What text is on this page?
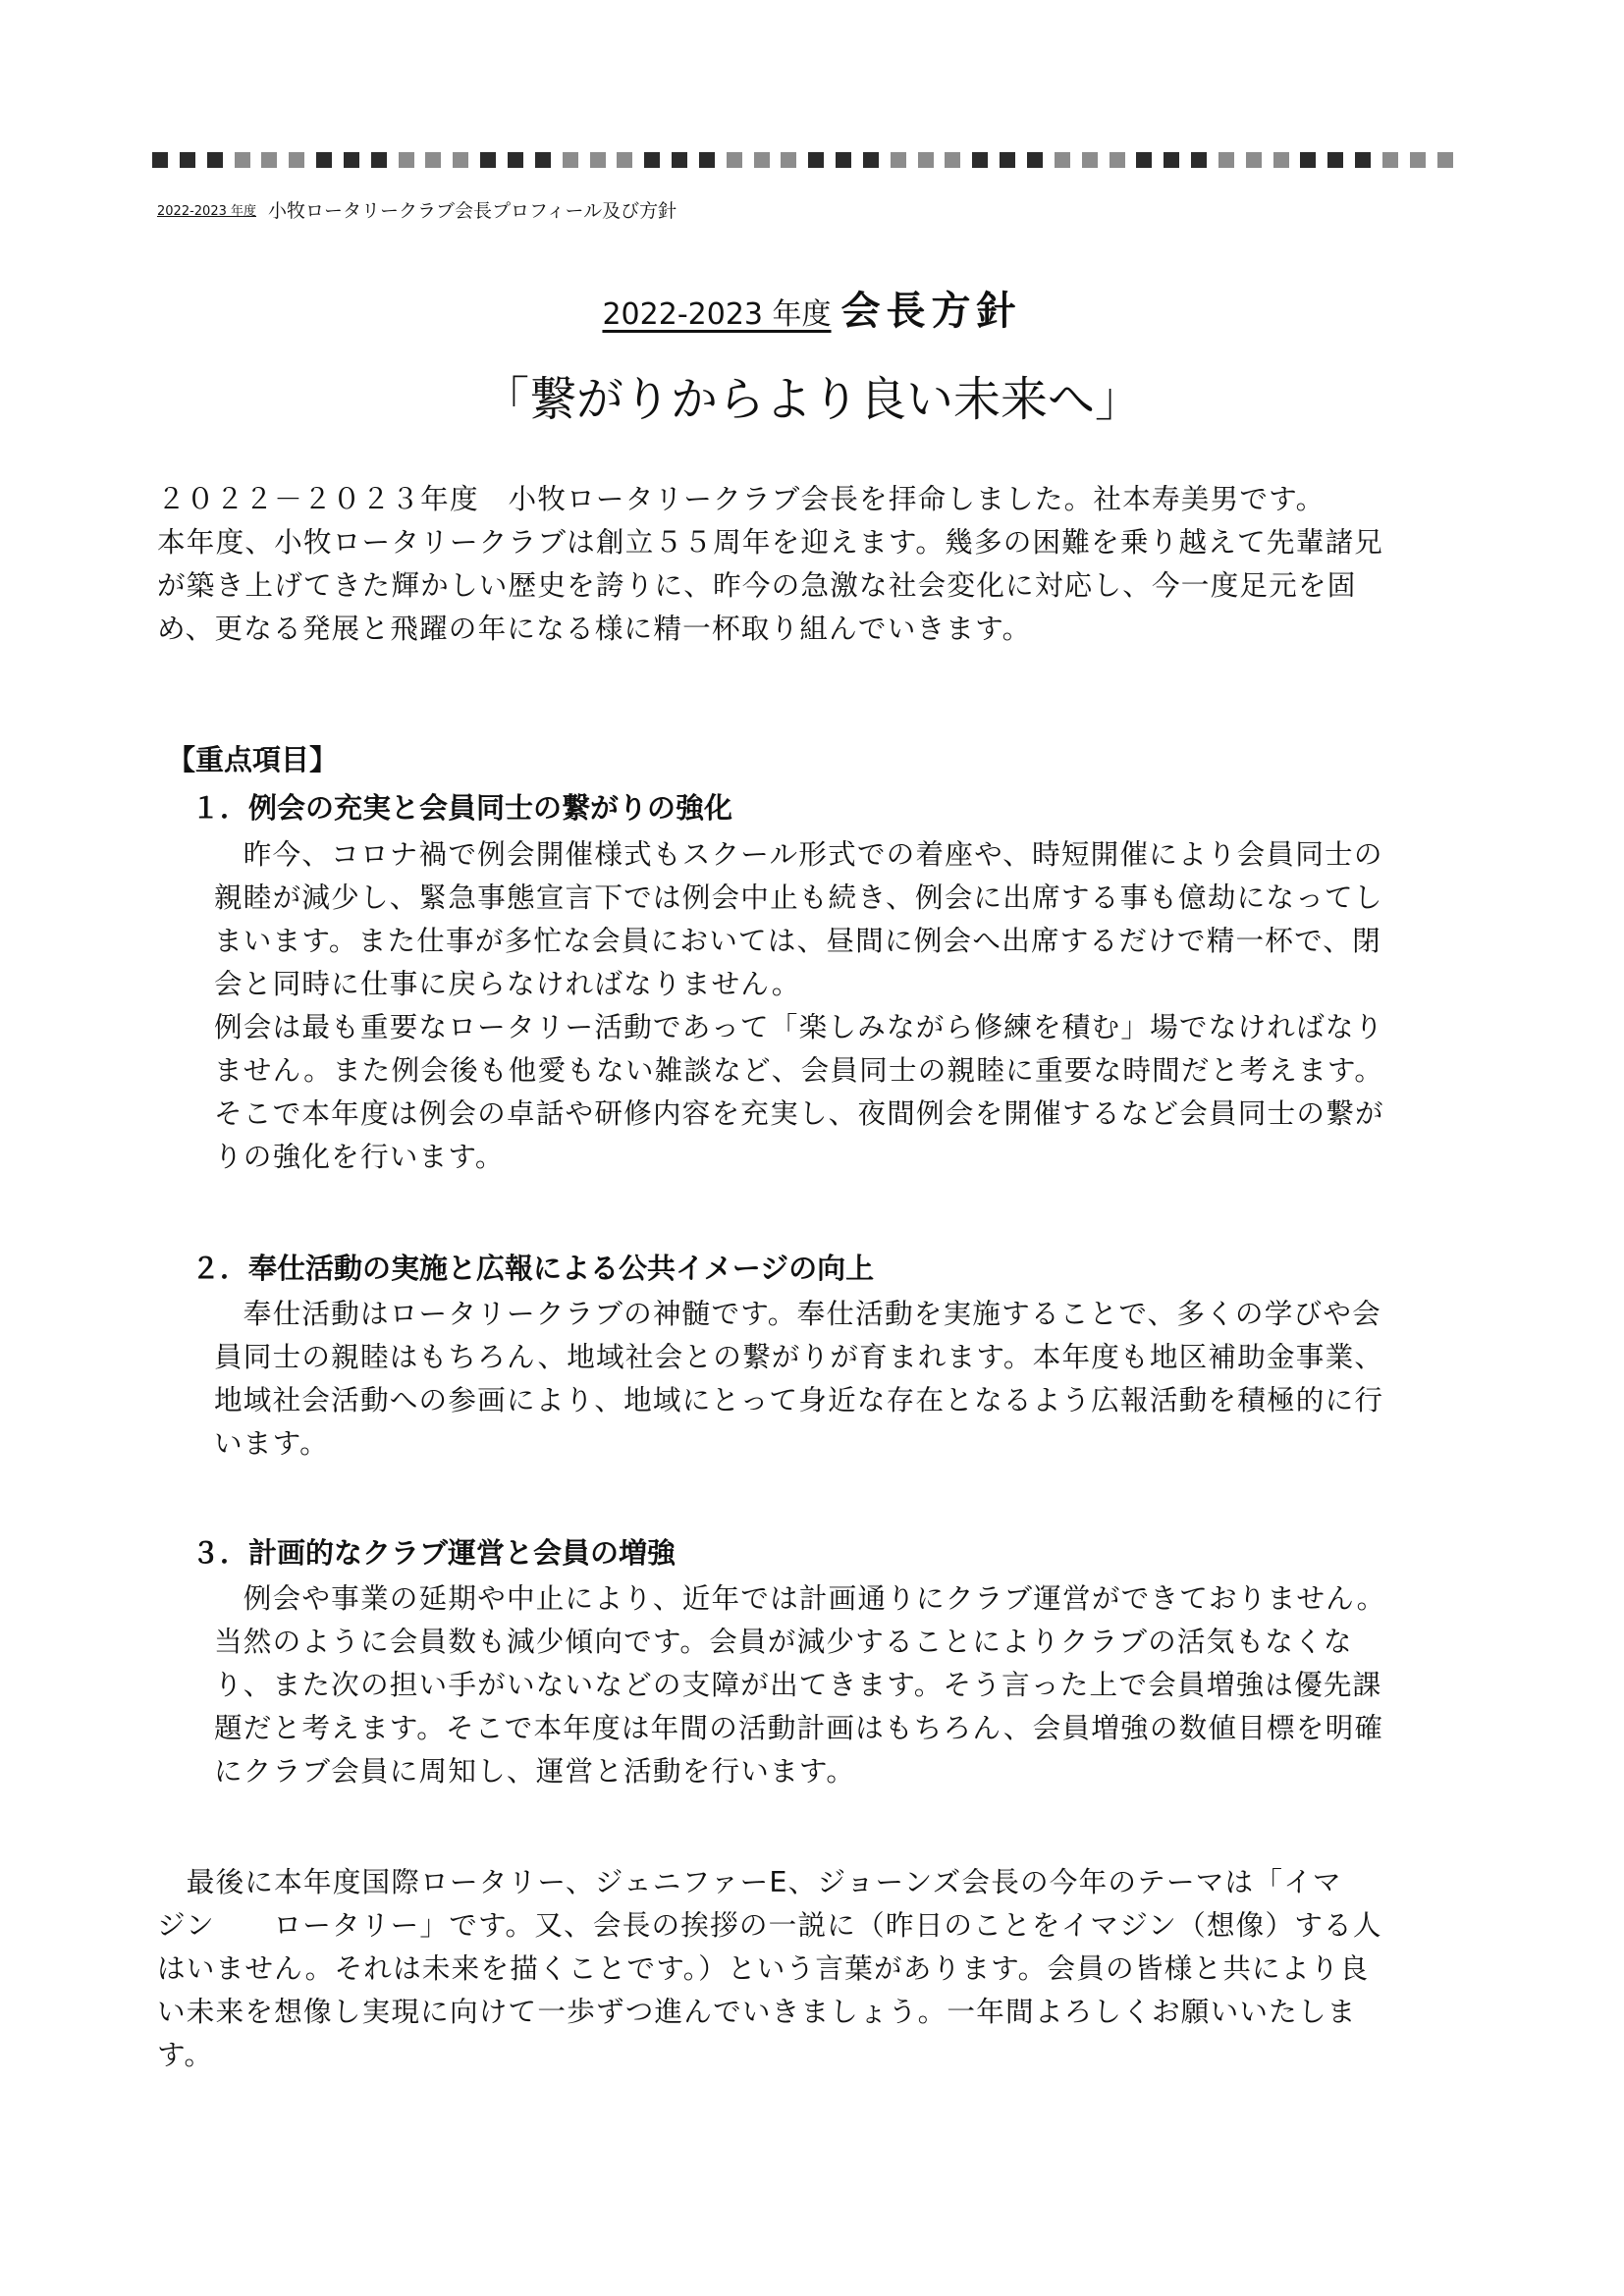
2022-2023 年度 小牧ロータリークラブ会長プロフィール及び方針
2022-2023 年度 会長方針
「繋がりからより良い未来へ」
２０２２－２０２３年度　小牧ロータリークラブ会長を拝命しました。社本寿美男です。
本年度、小牧ロータリークラブは創立５５周年を迎えます。幾多の困難を乗り越えて先輩諸兄
が築き上げてきた輝かしい歴史を誇りに、昨今の急激な社会変化に対応し、今一度足元を固
め、更なる発展と飛躍の年になる様に精一杯取り組んでいきます。
【重点項目】
１．例会の充実と会員同士の繋がりの強化
　昨今、コロナ禍で例会開催様式もスクール形式での着座や、時短開催により会員同士の
親睦が減少し、緊急事態宣言下では例会中止も続き、例会に出席する事も億劫になってし
まいます。また仕事が多忙な会員においては、昼間に例会へ出席するだけで精一杯で、閉
会と同時に仕事に戻らなければなりません。
例会は最も重要なロータリー活動であって「楽しみながら修練を積む」場でなければなり
ません。また例会後も他愛もない雑談など、会員同士の親睦に重要な時間だと考えます。
そこで本年度は例会の卓話や研修内容を充実し、夜間例会を開催するなど会員同士の繋が
りの強化を行います。
２．奉仕活動の実施と広報による公共イメージの向上
　奉仕活動はロータリークラブの神髄です。奉仕活動を実施することで、多くの学びや会
員同士の親睦はもちろん、地域社会との繋がりが育まれます。本年度も地区補助金事業、
地域社会活動への参画により、地域にとって身近な存在となるよう広報活動を積極的に行
います。
３．計画的なクラブ運営と会員の増強
　例会や事業の延期や中止により、近年では計画通りにクラブ運営ができておりません。
当然のように会員数も減少傾向です。会員が減少することによりクラブの活気もなくな
り、また次の担い手がいないなどの支障が出てきます。そう言った上で会員増強は優先課
題だと考えます。そこで本年度は年間の活動計画はもちろん、会員増強の数値目標を明確
にクラブ会員に周知し、運営と活動を行います。
　最後に本年度国際ロータリー、ジェニファーE、ジョーンズ会長の今年のテーマは「イマ
ジン　　ロータリー」です。又、会長の挨拶の一説に（昨日のことをイマジン（想像）する人
はいません。それは未来を描くことです。）という言葉があります。会員の皆様と共により良
い未来を想像し実現に向けて一歩ずつ進んでいきましょう。一年間よろしくお願いいたしま
す。
